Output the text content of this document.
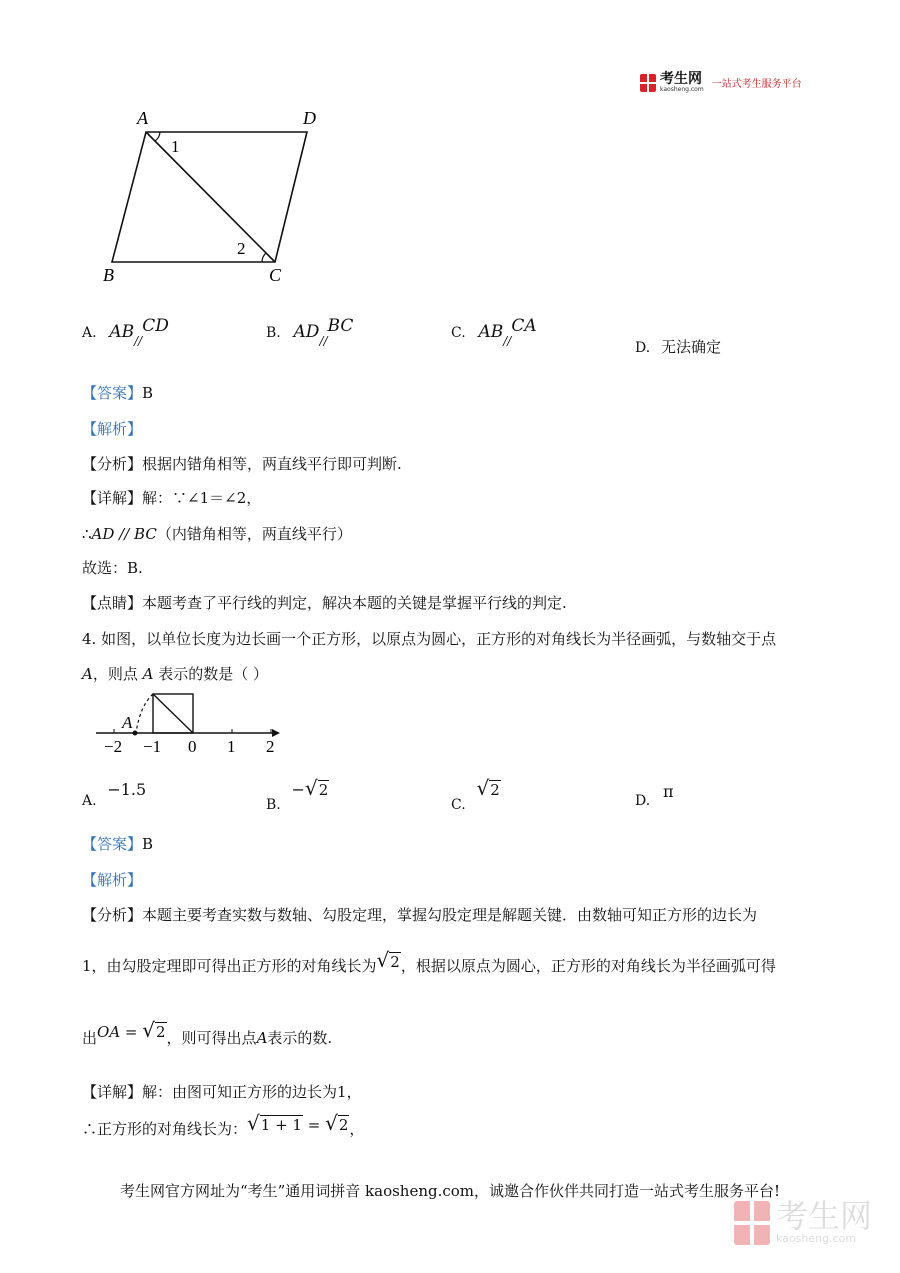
考生网
kaosheng.com 一站式考生服务平台
A	D
B	C
1
2
A. $AB_{//}CD$	B. $AD_{//}BC$	C. $AB_{//}CA$
D. 无法确定
【答案】B
【解析】
【分析】根据内错角相等，两直线平行即可判断.
【详解】解：∵∠1＝∠2，
∴AD // BC（内错角相等，两直线平行）
故选：B.
【点睛】本题考查了平行线的判定，解决本题的关键是掌握平行线的判定.
4. 如图，以单位长度为边长画一个正方形，以原点为圆心，正方形的对角线长为半径画弧，与数轴交于点
A，则点 A 表示的数是（ ）
A
−2 −1 0 1 2
A. −1.5
B. −√2
C. √2
D. π
【答案】B
【解析】
【分析】本题主要考查实数与数轴、勾股定理，掌握勾股定理是解题关键．由数轴可知正方形的边长为
1，由勾股定理即可得出正方形的对角线长为√2，根据以原点为圆心，正方形的对角线长为半径画弧可得
出OA = √2，则可得出点A表示的数.
【详解】解：由图可知正方形的边长为1，
∴正方形的对角线长为：√1 + 1 = √2，
考生网官方网址为“考生”通用词拼音 kaosheng.com，诚邀合作伙伴共同打造一站式考生服务平台!
考生网
kaosheng.com
